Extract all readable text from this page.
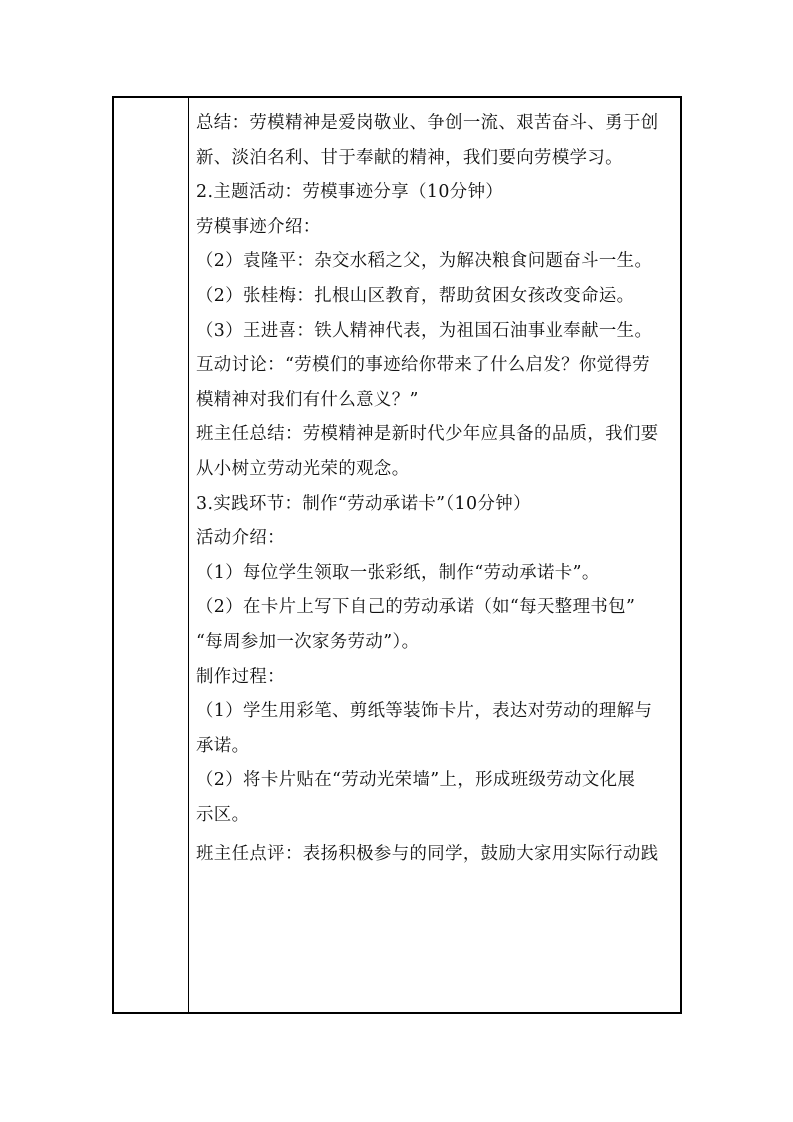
总结：劳模精神是爱岗敬业、争创一流、艰苦奋斗、勇于创
新、淡泊名利、甘于奉献的精神，我们要向劳模学习。
2.主题活动：劳模事迹分享（10分钟）
劳模事迹介绍：
（2）袁隆平：杂交水稻之父，为解决粮食问题奋斗一生。
（2）张桂梅：扎根山区教育，帮助贫困女孩改变命运。
（3）王进喜：铁人精神代表，为祖国石油事业奉献一生。
互动讨论：“劳模们的事迹给你带来了什么启发？你觉得劳
模精神对我们有什么意义？”
班主任总结：劳模精神是新时代少年应具备的品质，我们要
从小树立劳动光荣的观念。
3.实践环节：制作“劳动承诺卡”（10分钟）
活动介绍：
（1）每位学生领取一张彩纸，制作“劳动承诺卡”。
（2）在卡片上写下自己的劳动承诺（如“每天整理书包”
“每周参加一次家务劳动”）。
制作过程：
（1）学生用彩笔、剪纸等装饰卡片，表达对劳动的理解与
承诺。
（2）将卡片贴在“劳动光荣墙”上，形成班级劳动文化展
示区。
班主任点评：表扬积极参与的同学，鼓励大家用实际行动践
